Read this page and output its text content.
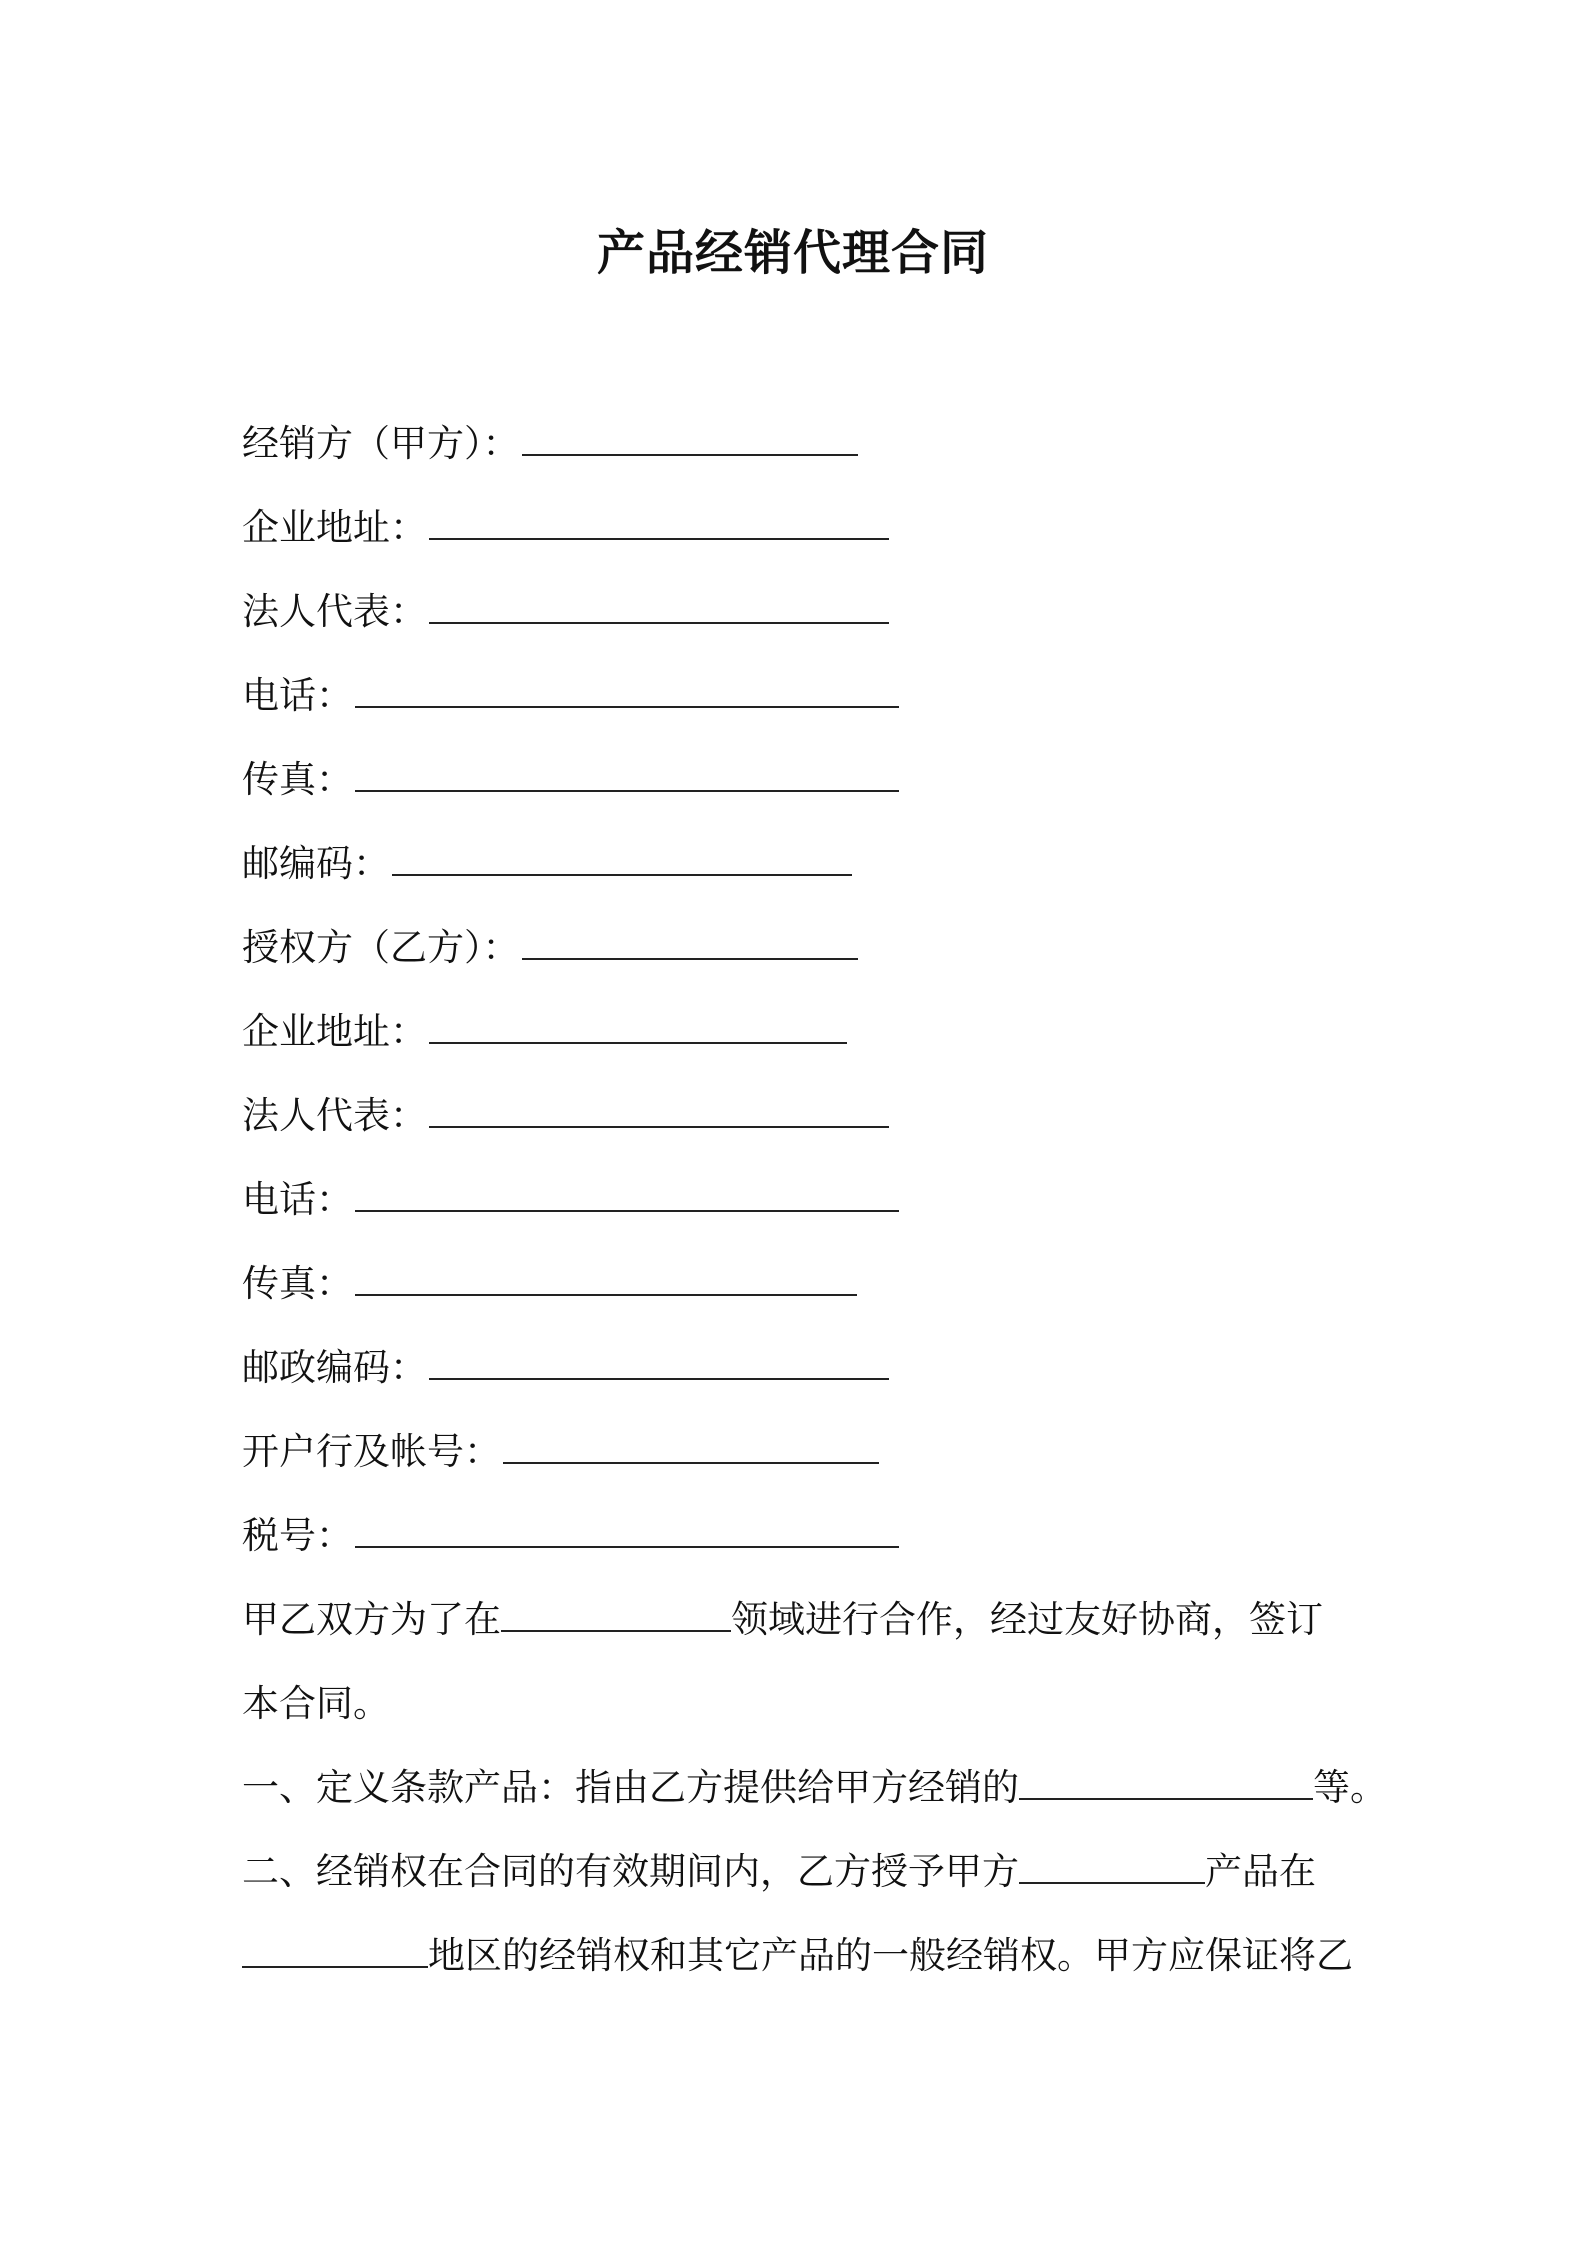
产品经销代理合同
经销方（甲方）：
企业地址：
法人代表：
电话：
传真：
邮编码：
授权方（乙方）：
企业地址：
法人代表：
电话：
传真：
邮政编码：
开户行及帐号：
税号：
甲乙双方为了在	领域进行合作，经过友好协商，签订
本合同。
一、定义条款产品：指由乙方提供给甲方经销的	等。
二、经销权在合同的有效期间内，乙方授予甲方	产品在
地区的经销权和其它产品的一般经销权。甲方应保证将乙
